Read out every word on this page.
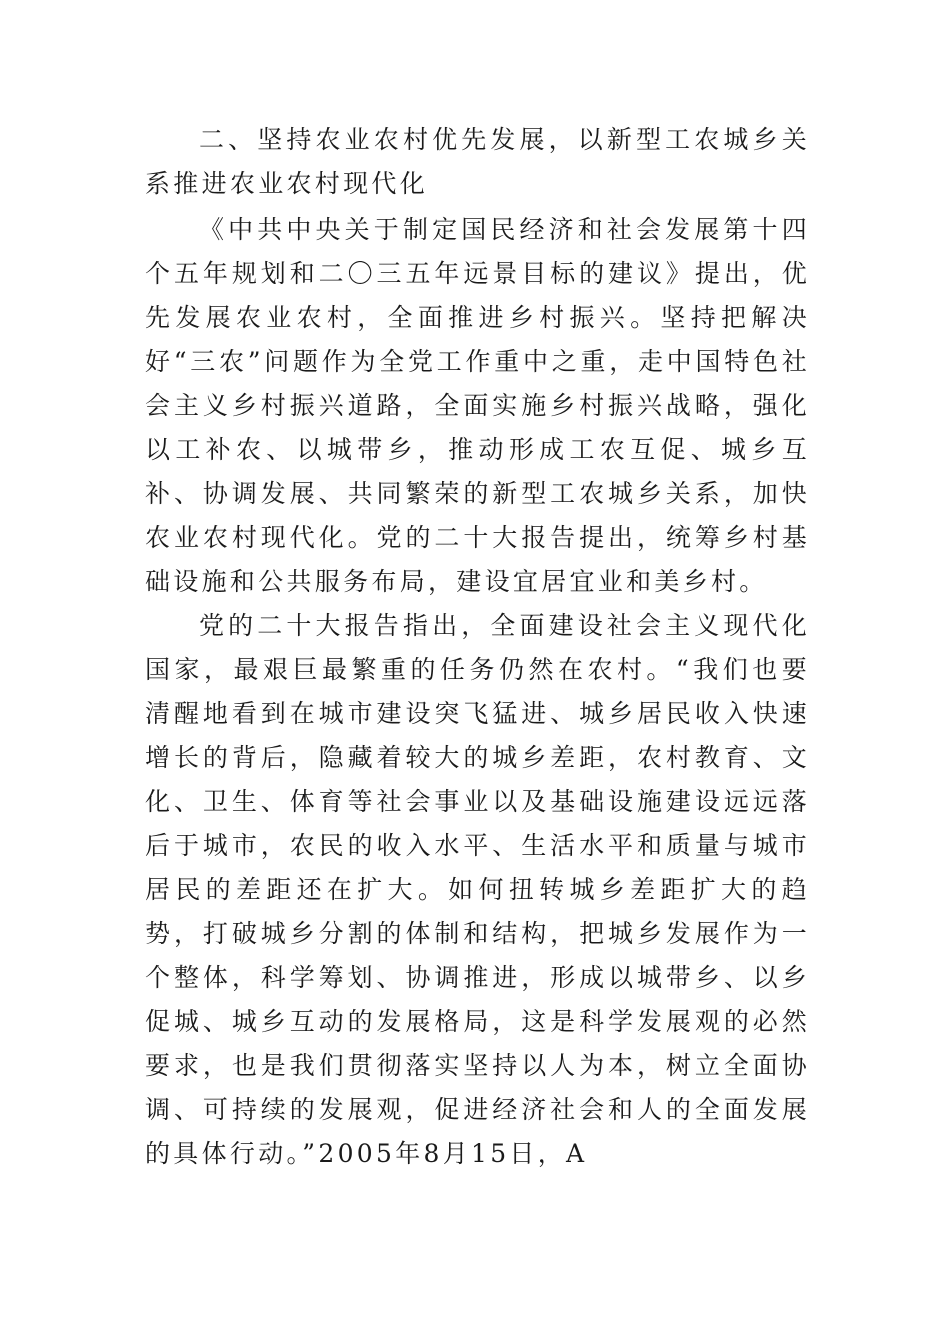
二、坚持农业农村优先发展，以新型工农城乡关系推进农业农村现代化

《中共中央关于制定国民经济和社会发展第十四个五年规划和二〇三五年远景目标的建议》提出，优先发展农业农村，全面推进乡村振兴。坚持把解决好“三农”问题作为全党工作重中之重，走中国特色社会主义乡村振兴道路，全面实施乡村振兴战略，强化以工补农、以城带乡，推动形成工农互促、城乡互补、协调发展、共同繁荣的新型工农城乡关系，加快农业农村现代化。党的二十大报告提出，统筹乡村基础设施和公共服务布局，建设宜居宜业和美乡村。

党的二十大报告指出，全面建设社会主义现代化国家，最艰巨最繁重的任务仍然在农村。“我们也要清醒地看到在城市建设突飞猛进、城乡居民收入快速增长的背后，隐藏着较大的城乡差距，农村教育、文化、卫生、体育等社会事业以及基础设施建设远远落后于城市，农民的收入水平、生活水平和质量与城市居民的差距还在扩大。如何扭转城乡差距扩大的趋势，打破城乡分割的体制和结构，把城乡发展作为一个整体，科学筹划、协调推进，形成以城带乡、以乡促城、城乡互动的发展格局，这是科学发展观的必然要求，也是我们贯彻落实坚持以人为本，树立全面协调、可持续的发展观，促进经济社会和人的全面发展的具体行动。”2005年8月15日，A
